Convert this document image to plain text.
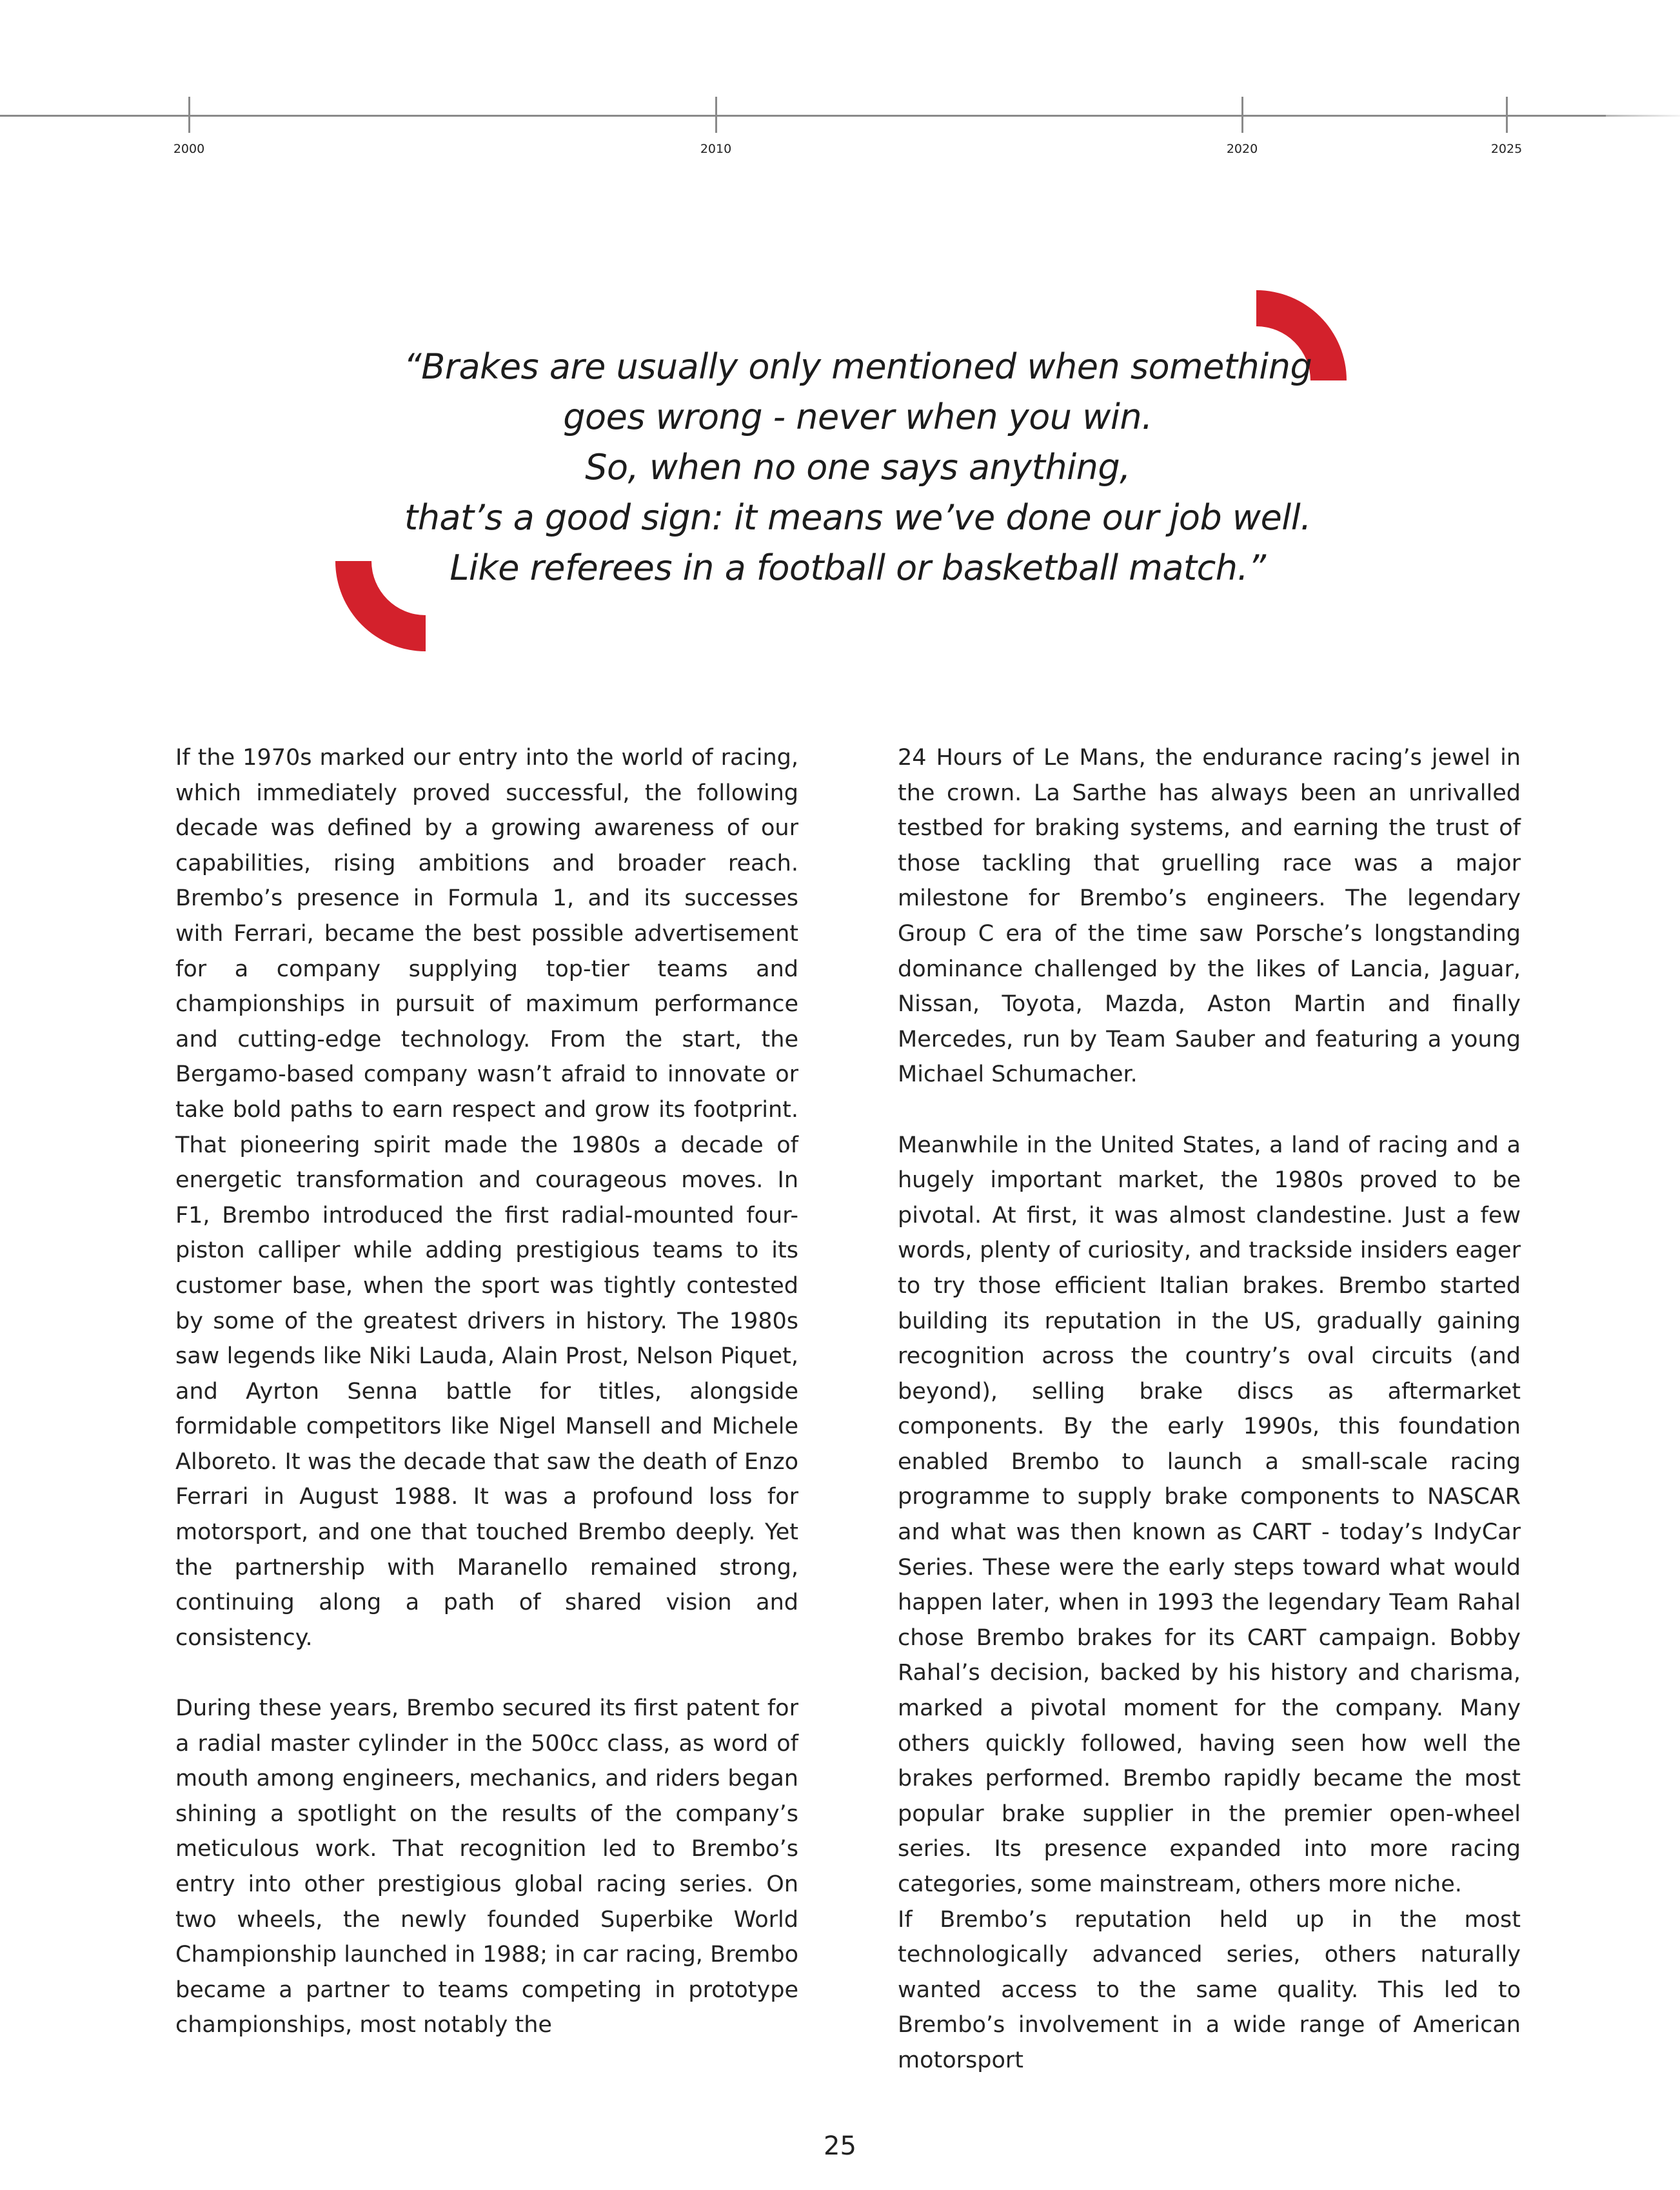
2000	2010	2020	2025

“Brakes are usually only mentioned when something
goes wrong - never when you win.
So, when no one says anything,
that’s a good sign: it means we’ve done our job well.
Like referees in a football or basketball match.”

If the 1970s marked our entry into the world of racing, which immediately proved successful, the following decade was defined by a growing awareness of our capabilities, rising ambitions and broader reach. Brembo’s presence in Formula 1, and its successes with Ferrari, became the best possible advertisement for a company supplying top-tier teams and championships in pursuit of maximum performance and cutting-edge technology. From the start, the Bergamo-based company wasn’t afraid to innovate or take bold paths to earn respect and grow its footprint. That pioneering spirit made the 1980s a decade of energetic transformation and courageous moves. In F1, Brembo introduced the first radial-mounted four-piston calliper while adding prestigious teams to its customer base, when the sport was tightly contested by some of the greatest drivers in history. The 1980s saw legends like Niki Lauda, Alain Prost, Nelson Piquet, and Ayrton Senna battle for titles, alongside formidable competitors like Nigel Mansell and Michele Alboreto. It was the decade that saw the death of Enzo Ferrari in August 1988. It was a profound loss for motorsport, and one that touched Brembo deeply. Yet the partnership with Maranello remained strong, continuing along a path of shared vision and consistency.

During these years, Brembo secured its first patent for a radial master cylinder in the 500cc class, as word of mouth among engineers, mechanics, and riders began shining a spotlight on the results of the company’s meticulous work. That recognition led to Brembo’s entry into other prestigious global racing series. On two wheels, the newly founded Superbike World Championship launched in 1988; in car racing, Brembo became a partner to teams competing in prototype championships, most notably the

24 Hours of Le Mans, the endurance racing’s jewel in the crown. La Sarthe has always been an unrivalled testbed for braking systems, and earning the trust of those tackling that gruelling race was a major milestone for Brembo’s engineers. The legendary Group C era of the time saw Porsche’s longstanding dominance challenged by the likes of Lancia, Jaguar, Nissan, Toyota, Mazda, Aston Martin and finally Mercedes, run by Team Sauber and featuring a young Michael Schumacher.

Meanwhile in the United States, a land of racing and a hugely important market, the 1980s proved to be pivotal. At first, it was almost clandestine. Just a few words, plenty of curiosity, and trackside insiders eager to try those efficient Italian brakes. Brembo started building its reputation in the US, gradually gaining recognition across the country’s oval circuits (and beyond), selling brake discs as aftermarket components. By the early 1990s, this foundation enabled Brembo to launch a small-scale racing programme to supply brake components to NASCAR and what was then known as CART - today’s IndyCar Series. These were the early steps toward what would happen later, when in 1993 the legendary Team Rahal chose Brembo brakes for its CART campaign. Bobby Rahal’s decision, backed by his history and charisma, marked a pivotal moment for the company. Many others quickly followed, having seen how well the brakes performed. Brembo rapidly became the most popular brake supplier in the premier open-wheel series. Its presence expanded into more racing categories, some mainstream, others more niche.

If Brembo’s reputation held up in the most technologically advanced series, others naturally wanted access to the same quality. This led to Brembo’s involvement in a wide range of American motorsport

25
